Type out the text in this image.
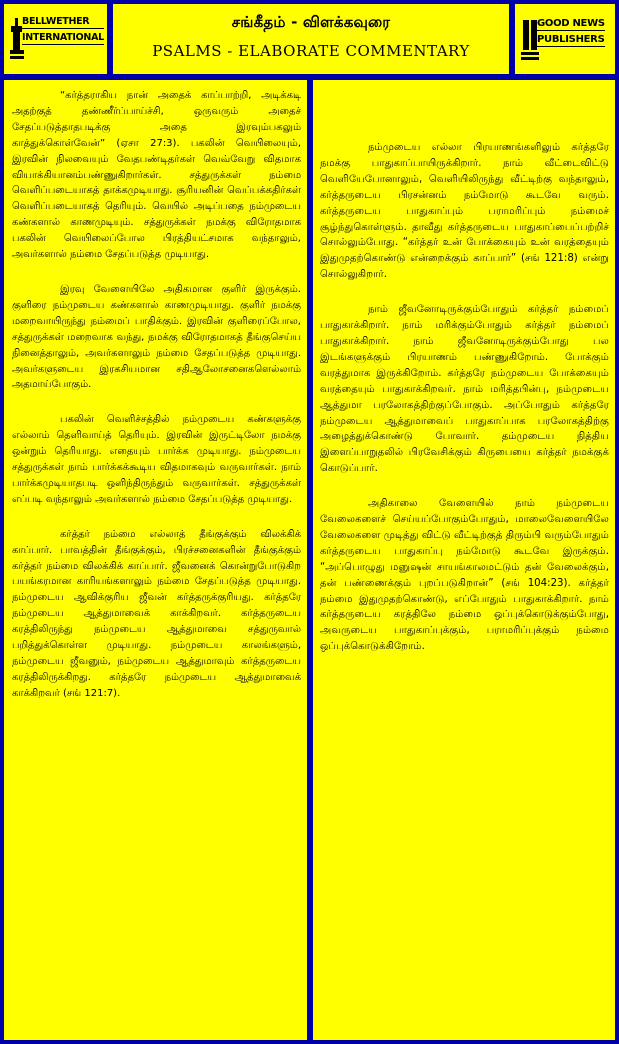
BELLWETHER
INTERNATIONAL
சங்கீதம் - விளக்கவுரை
PSALMS - ELABORATE COMMENTARY
GOOD NEWS
PUBLISHERS

“கர்த்தராகிய நான் அதைக் காப்பாற்றி, அடிக்கடி அதற்குத் தண்ணீர்ப்பாய்ச்சி, ஒருவரும் அதைச் சேதப்படுத்தாதபடிக்கு அதை இரவும்பகலும் காத்துக்கொள்வேன்” (ஏசா 27:3). பகலின் வெயிலையும், இரவின் நிலவையும் வேதபண்டிதர்கள் வெவ்வேறு விதமாக வியாக்கியானம்பண்ணுகிறார்கள். சத்துருக்கள் நம்மை வெளிப்படையாகத் தாக்கமுடியாது. சூரியனின் வெப்பக்கதிர்கள் வெளிப்படையாகத் தெரியும். வெயில் அடிப்பதை நம்முடைய கண்களால் காணமுடியும். சத்துருக்கள் நமக்கு விரோதமாக பகலின் வெயிலைப்போல பிரத்தியட்சமாக வந்தாலும், அவர்களால் நம்மை சேதப்படுத்த முடியாது.

இரவு வேளையிலே அதிகமான குளிர் இருக்கும். குளிரை நம்முடைய கண்களால் காணமுடியாது. குளிர் நமக்கு மறைவாயிருந்து நம்மைப் பாதிக்கும். இரவின் குளிரைப்போல, சத்துருக்கள் மறைவாக வந்து, நமக்கு விரோதமாகத் தீங்குசெய்ய நினைத்தாலும், அவர்களாலும் நம்மை சேதப்படுத்த முடியாது. அவர்களுடைய இரகசியமான சதிஆலோசனைகளெல்லாம் அதமாய்போகும்.

பகலின் வெளிச்சத்தில் நம்முடைய கண்களுக்கு எல்லாம் தெளிவாய்த் தெரியும். இரவின் இருட்டிலோ நமக்கு ஒன்றும் தெரியாது. எதையும் பார்க்க முடியாது. நம்முடைய சத்துருக்கள் நாம் பார்க்கக்கூடிய விதமாகவும் வருவார்கள். நாம் பார்க்கமுடியாதபடி ஒளிந்திருந்தும் வருவார்கள். சத்துருக்கள் எப்படி வந்தாலும் அவர்களால் நம்மை சேதப்படுத்த முடியாது.

கர்த்தர் நம்மை எல்லாத் தீங்குக்கும் விலக்கிக் காப்பார். பாவத்தின் தீங்குக்கும், பிரச்சனைகளின் தீங்குக்கும் கர்த்தர் நம்மை விலக்கிக் காப்பார். ஜீவனைக் கொன்றுபோடுகிற பயங்கரமான காரியங்களாலும் நம்மை சேதப்படுத்த முடியாது. நம்முடைய ஆவிக்குரிய ஜீவன் கர்த்தருக்குரியது. கர்த்தரே நம்முடைய ஆத்துமாவைக் காக்கிறவர். கர்த்தருடைய கரத்திலிருந்து நம்முடைய ஆத்துமாவை சத்துருவால் பறித்துக்கொள்ள முடியாது. நம்முடைய காலங்களும், நம்முடைய ஜீவனும், நம்முடைய ஆத்துமாவும் கர்த்தருடைய கரத்திலிருக்கிறது. கர்த்தரே நம்முடைய ஆத்துமாவைக் காக்கிறவர் (சங் 121:7).

நம்முடைய எல்லா பிரயாணங்களிலும் கர்த்தரே நமக்கு பாதுகாப்பாயிருக்கிறார். நாம் வீட்டைவிட்டு வெளியேபோனாலும், வெளியிலிருந்து வீட்டிற்கு வந்தாலும், கர்த்தருடைய பிரசன்னம் நம்மோடு கூடவே வரும். கர்த்தருடைய பாதுகாப்பும் பராமரிப்பும் நம்மைச் சூழ்ந்துகொள்ளும். தாவீது கர்த்தருடைய பாதுகாப்பைப்பற்றிச் சொல்லும்போது. “கர்த்தர் உன் போக்கையும் உன் வரத்தையும் இதுமுதற்கொண்டு என்றைக்கும் காப்பார்” (சங் 121:8) என்று சொல்லுகிறார்.

நாம் ஜீவனோடிருக்கும்போதும் கர்த்தர் நம்மைப் பாதுகாக்கிறார். நாம் மரிக்கும்போதும் கர்த்தர் நம்மைப் பாதுகாக்கிறார். நாம் ஜீவனோடிருக்கும்போது பல இடங்களுக்கும் பிரயாணம் பண்ணுகிறோம். போக்கும் வரத்துமாக இருக்கிறோம். கர்த்தரே நம்முடைய போக்கையும் வரத்தையும் பாதுகாக்கிறவர். நாம் மரித்தபின்பு, நம்முடைய ஆத்துமா பரலோகத்திற்குப்போகும். அப்போதும் கர்த்தரே நம்முடைய ஆத்துமாவைப் பாதுகாப்பாக பரலோகத்திற்கு அழைத்துக்கொண்டு போவார். தம்முடைய நித்திய இளைப்பாறுதலில் பிரவேசிக்கும் கிருபையை கர்த்தர் நமக்குக் கொடுப்பார்.

அதிகாலை வேளையில் நாம் நம்முடைய வேலைகளைச் செய்யப்போகும்போதும், மாலைவேளையிலே வேலைகளை முடித்து விட்டு வீட்டிற்குத் திரும்பி வரும்போதும் கர்த்தருடைய பாதுகாப்பு நம்மோடு கூடவே இருக்கும். “அப்பொழுது மனுஷன் சாயங்காலமட்டும் தன் வேலைக்கும், தன் பண்ணைக்கும் புறப்படுகிறான்” (சங் 104:23). கர்த்தர் நம்மை இதுமுதற்கொண்டு, எப்போதும் பாதுகாக்கிறார். நாம் கர்த்தருடைய கரத்திலே நம்மை ஒப்புக்கொடுக்கும்போது, அவருடைய பாதுகாப்புக்கும், பராமரிப்புக்கும் நம்மை ஒப்புக்கொடுக்கிறோம்.
